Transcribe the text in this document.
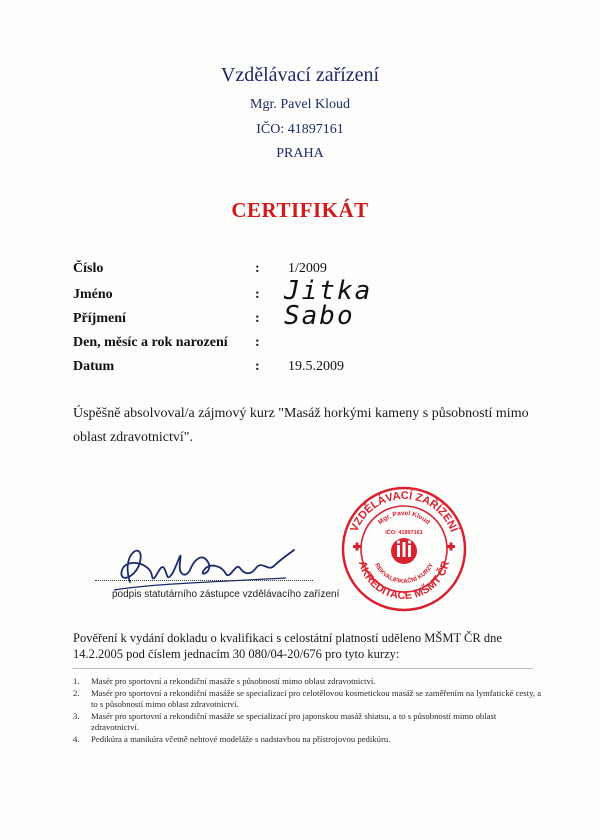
Vzdělávací zařízení
Mgr. Pavel Kloud
IČO: 41897161
PRAHA
CERTIFIKÁT
Číslo	: 1/2009
Jméno	: Jitka
Příjmení	: Sabo
Den, měsíc a rok narození :
Datum	: 19.5.2009
Úspěšně absolvoval/a zájmový kurz "Masáž horkými kameny s působností mimo oblast zdravotnictví".
podpis statutárního zástupce vzdělávacího zařízení
VZDĚLÁVACÍ ZAŘÍZENÍ
AKREDITACE MŠMT ČR
Mgr. Pavel Kloud
REKVALIFIKAČNÍ KURZY
IČO: 41897161
Pověření k vydání dokladu o kvalifikaci s celostátní platností uděleno MŠMT ČR dne 14.2.2005 pod číslem jednacím 30 080/04-20/676 pro tyto kurzy:
1. Masér pro sportovní a rekondiční masáže s působností mimo oblast zdravotnictví.
2. Masér pro sportovní a rekondiční masáže se specializací pro celotělovou kosmetickou masáž se zaměřením na lymfatické cesty, a to s působností mimo oblast zdravotnictví.
3. Masér pro sportovní a rekondiční masáže se specializací pro japonskou masáž shiatsu, a to s působností mimo oblast zdravotnictví.
4. Pedikúra a manikúra včetně nehtové modeláže s nadstavbou na přístrojovou pedikúru.
